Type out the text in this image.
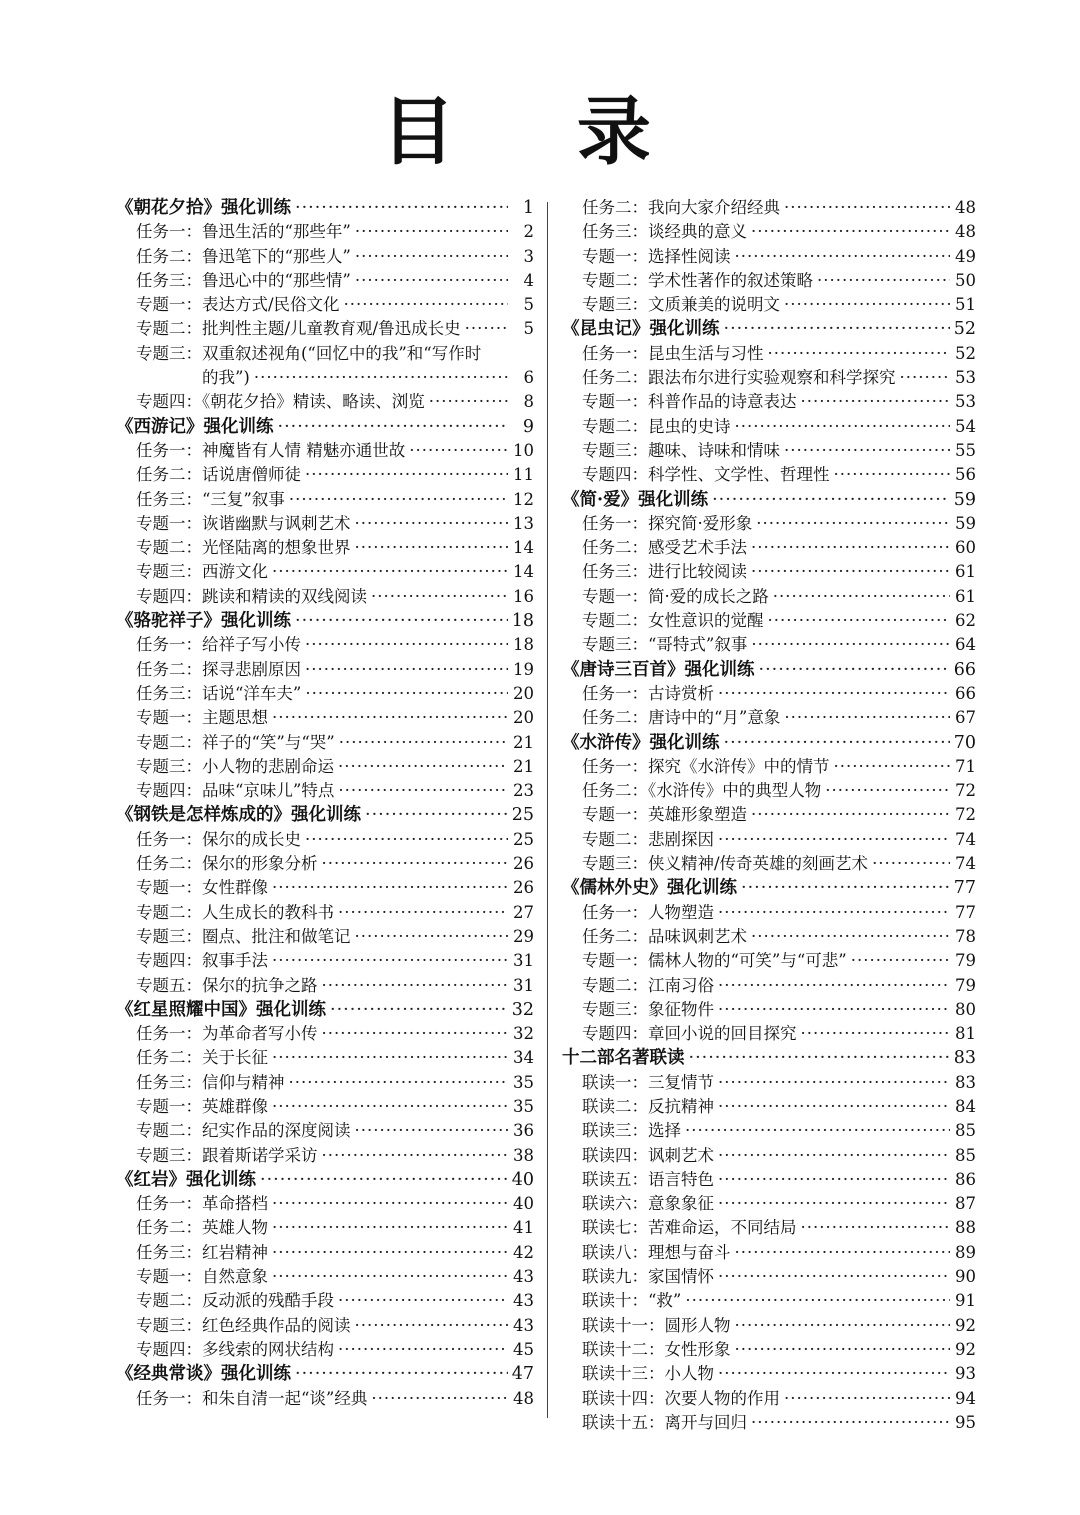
目 录
《朝花夕拾》强化训练 ·····	1
任务一：鲁迅生活的“那些年” ·····	2
任务二：鲁迅笔下的“那些人” ·····	3
任务三：鲁迅心中的“那些情” ·····	4
专题一：表达方式/民俗文化 ·····	5
专题二：批判性主题/儿童教育观/鲁迅成长史 ·····	5
专题三：双重叙述视角(“回忆中的我”和“写作时
的我”) ·····	6
专题四：《朝花夕拾》精读、略读、浏览 ·····	8
《西游记》强化训练 ·····	9
任务一：神魔皆有人情 精魅亦通世故 ·····	10
任务二：话说唐僧师徒 ·····	11
任务三：“三复”叙事 ·····	12
专题一：诙谐幽默与讽刺艺术 ·····	13
专题二：光怪陆离的想象世界 ·····	14
专题三：西游文化 ·····	14
专题四：跳读和精读的双线阅读 ·····	16
《骆驼祥子》强化训练 ·····	18
任务一：给祥子写小传 ·····	18
任务二：探寻悲剧原因 ·····	19
任务三：话说“洋车夫” ·····	20
专题一：主题思想 ·····	20
专题二：祥子的“笑”与“哭” ·····	21
专题三：小人物的悲剧命运 ·····	21
专题四：品味“京味儿”特点 ·····	23
《钢铁是怎样炼成的》强化训练 ·····	25
任务一：保尔的成长史 ·····	25
任务二：保尔的形象分析 ·····	26
专题一：女性群像 ·····	26
专题二：人生成长的教科书 ·····	27
专题三：圈点、批注和做笔记 ·····	29
专题四：叙事手法 ·····	31
专题五：保尔的抗争之路 ·····	31
《红星照耀中国》强化训练 ·····	32
任务一：为革命者写小传 ·····	32
任务二：关于长征 ·····	34
任务三：信仰与精神 ·····	35
专题一：英雄群像 ·····	35
专题二：纪实作品的深度阅读 ·····	36
专题三：跟着斯诺学采访 ·····	38
《红岩》强化训练 ·····	40
任务一：革命搭档 ·····	40
任务二：英雄人物 ·····	41
任务三：红岩精神 ·····	42
专题一：自然意象 ·····	43
专题二：反动派的残酷手段 ·····	43
专题三：红色经典作品的阅读 ·····	43
专题四：多线索的网状结构 ·····	45
《经典常谈》强化训练 ·····	47
任务一：和朱自清一起“谈”经典 ·····	48
任务二：我向大家介绍经典 ·····	48
任务三：谈经典的意义 ·····	48
专题一：选择性阅读 ·····	49
专题二：学术性著作的叙述策略 ·····	50
专题三：文质兼美的说明文 ·····	51
《昆虫记》强化训练 ·····	52
任务一：昆虫生活与习性 ·····	52
任务二：跟法布尔进行实验观察和科学探究 ·····	53
专题一：科普作品的诗意表达 ·····	53
专题二：昆虫的史诗 ·····	54
专题三：趣味、诗味和情味 ·····	55
专题四：科学性、文学性、哲理性 ·····	56
《简·爱》强化训练 ·····	59
任务一：探究简·爱形象 ·····	59
任务二：感受艺术手法 ·····	60
任务三：进行比较阅读 ·····	61
专题一：简·爱的成长之路 ·····	61
专题二：女性意识的觉醒 ·····	62
专题三：“哥特式”叙事 ·····	64
《唐诗三百首》强化训练 ·····	66
任务一：古诗赏析 ·····	66
任务二：唐诗中的“月”意象 ·····	67
《水浒传》强化训练 ·····	70
任务一：探究《水浒传》中的情节 ·····	71
任务二：《水浒传》中的典型人物 ·····	72
专题一：英雄形象塑造 ·····	72
专题二：悲剧探因 ·····	74
专题三：侠义精神/传奇英雄的刻画艺术 ·····	74
《儒林外史》强化训练 ·····	77
任务一：人物塑造 ·····	77
任务二：品味讽刺艺术 ·····	78
专题一：儒林人物的“可笑”与“可悲” ·····	79
专题二：江南习俗 ·····	79
专题三：象征物件 ·····	80
专题四：章回小说的回目探究 ·····	81
十二部名著联读 ·····	83
联读一：三复情节 ·····	83
联读二：反抗精神 ·····	84
联读三：选择 ·····	85
联读四：讽刺艺术 ·····	85
联读五：语言特色 ·····	86
联读六：意象象征 ·····	87
联读七：苦难命运，不同结局 ·····	88
联读八：理想与奋斗 ·····	89
联读九：家国情怀 ·····	90
联读十：“救” ·····	91
联读十一：圆形人物 ·····	92
联读十二：女性形象 ·····	92
联读十三：小人物 ·····	93
联读十四：次要人物的作用 ·····	94
联读十五：离开与回归 ·····	95
